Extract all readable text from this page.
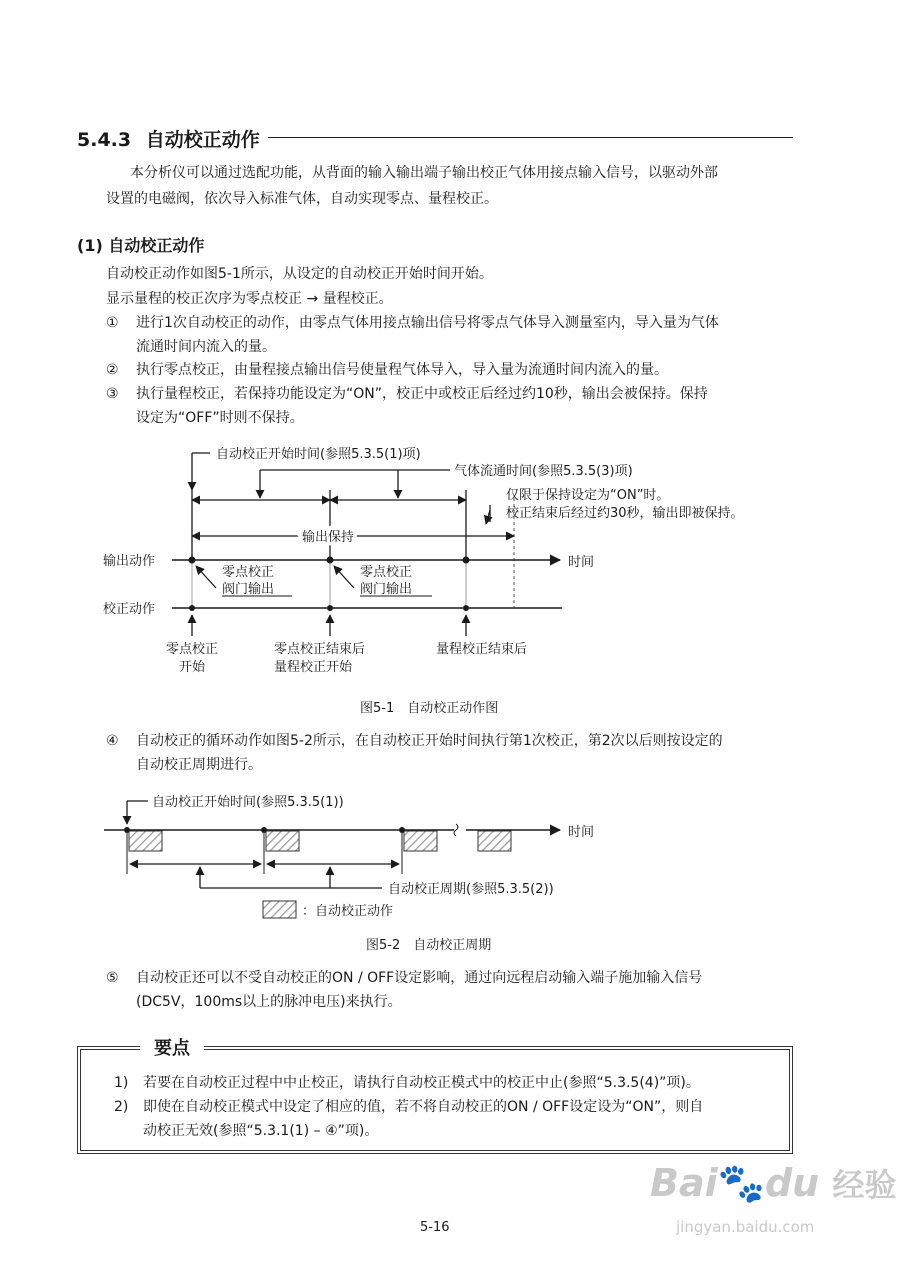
5.4.3 自动校正动作
本分析仪可以通过选配功能，从背面的输入输出端子输出校正气体用接点输入信号，以驱动外部
设置的电磁阀，依次导入标准气体，自动实现零点、量程校正。
(1) 自动校正动作
自动校正动作如图5-1所示，从设定的自动校正开始时间开始。
显示量程的校正次序为零点校正 → 量程校正。
① 进行1次自动校正的动作，由零点气体用接点输出信号将零点气体导入测量室内，导入量为气体
流通时间内流入的量。
② 执行零点校正，由量程接点输出信号使量程气体导入，导入量为流通时间内流入的量。
③ 执行量程校正，若保持功能设定为“ON”，校正中或校正后经过约10秒，输出会被保持。保持
设定为“OFF”时则不保持。
自动校正开始时间(参照5.3.5(1)项)
气体流通时间(参照5.3.5(3)项)
仅限于保持设定为“ON”时。
校正结束后经过约30秒，输出即被保持。
输出保持
输出动作
校正动作
时间
零点校正
阀门输出
零点校正
阀门输出
零点校正
开始
零点校正结束后
量程校正开始
量程校正结束后
图5-1　自动校正动作图
④ 自动校正的循环动作如图5-2所示，在自动校正开始时间执行第1次校正，第2次以后则按设定的
自动校正周期进行。
自动校正开始时间(参照5.3.5(1))
时间
自动校正周期(参照5.3.5(2))
：自动校正动作
图5-2　自动校正周期
⑤ 自动校正还可以不受自动校正的ON / OFF设定影响，通过向远程启动输入端子施加输入信号
(DC5V，100ms以上的脉冲电压)来执行。
要点
1) 若要在自动校正过程中中止校正，请执行自动校正模式中的校正中止(参照“5.3.5(4)”项)。
2) 即使在自动校正模式中设定了相应的值，若不将自动校正的ON / OFF设定设为“ON”，则自
动校正无效(参照“5.3.1(1) – ④”项)。
5-16
Bai🐾du 经验
jingyan.baidu.com
